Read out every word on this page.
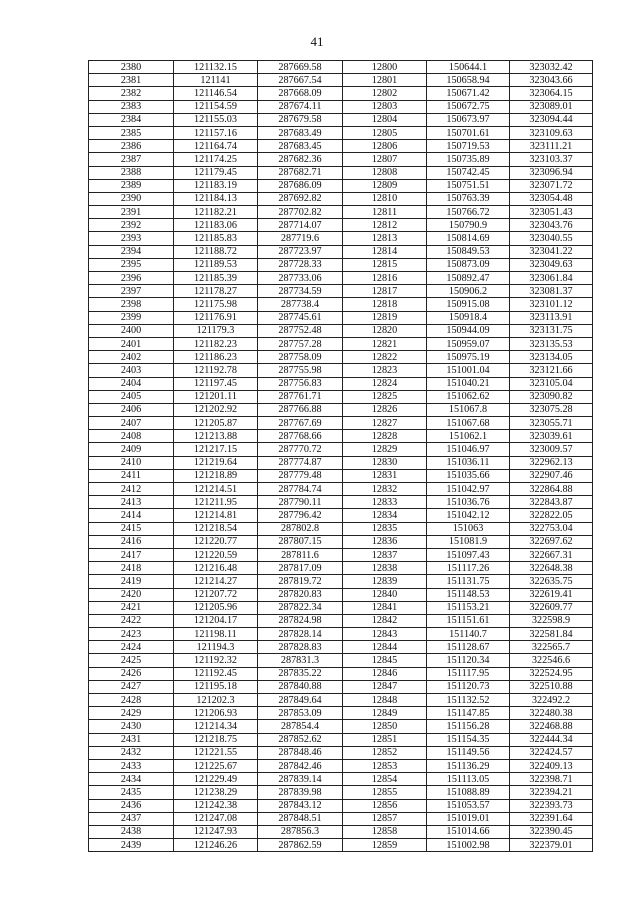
41
2380	121132.15	287669.58	12800	150644.1	323032.42
2381	121141	287667.54	12801	150658.94	323043.66
2382	121146.54	287668.09	12802	150671.42	323064.15
2383	121154.59	287674.11	12803	150672.75	323089.01
2384	121155.03	287679.58	12804	150673.97	323094.44
2385	121157.16	287683.49	12805	150701.61	323109.63
2386	121164.74	287683.45	12806	150719.53	323111.21
2387	121174.25	287682.36	12807	150735.89	323103.37
2388	121179.45	287682.71	12808	150742.45	323096.94
2389	121183.19	287686.09	12809	150751.51	323071.72
2390	121184.13	287692.82	12810	150763.39	323054.48
2391	121182.21	287702.82	12811	150766.72	323051.43
2392	121183.06	287714.07	12812	150790.9	323043.76
2393	121185.83	287719.6	12813	150814.69	323040.55
2394	121188.72	287723.97	12814	150849.53	323041.22
2395	121189.53	287728.33	12815	150873.09	323049.63
2396	121185.39	287733.06	12816	150892.47	323061.84
2397	121178.27	287734.59	12817	150906.2	323081.37
2398	121175.98	287738.4	12818	150915.08	323101.12
2399	121176.91	287745.61	12819	150918.4	323113.91
2400	121179.3	287752.48	12820	150944.09	323131.75
2401	121182.23	287757.28	12821	150959.07	323135.53
2402	121186.23	287758.09	12822	150975.19	323134.05
2403	121192.78	287755.98	12823	151001.04	323121.66
2404	121197.45	287756.83	12824	151040.21	323105.04
2405	121201.11	287761.71	12825	151062.62	323090.82
2406	121202.92	287766.88	12826	151067.8	323075.28
2407	121205.87	287767.69	12827	151067.68	323055.71
2408	121213.88	287768.66	12828	151062.1	323039.61
2409	121217.15	287770.72	12829	151046.97	323009.57
2410	121219.64	287774.87	12830	151036.11	322962.13
2411	121218.89	287779.48	12831	151035.66	322907.46
2412	121214.51	287784.74	12832	151042.97	322864.88
2413	121211.95	287790.11	12833	151036.76	322843.87
2414	121214.81	287796.42	12834	151042.12	322822.05
2415	121218.54	287802.8	12835	151063	322753.04
2416	121220.77	287807.15	12836	151081.9	322697.62
2417	121220.59	287811.6	12837	151097.43	322667.31
2418	121216.48	287817.09	12838	151117.26	322648.38
2419	121214.27	287819.72	12839	151131.75	322635.75
2420	121207.72	287820.83	12840	151148.53	322619.41
2421	121205.96	287822.34	12841	151153.21	322609.77
2422	121204.17	287824.98	12842	151151.61	322598.9
2423	121198.11	287828.14	12843	151140.7	322581.84
2424	121194.3	287828.83	12844	151128.67	322565.7
2425	121192.32	287831.3	12845	151120.34	322546.6
2426	121192.45	287835.22	12846	151117.95	322524.95
2427	121195.18	287840.88	12847	151120.73	322510.88
2428	121202.3	287849.64	12848	151132.52	322492.2
2429	121206.93	287853.09	12849	151147.85	322480.38
2430	121214.34	287854.4	12850	151156.28	322468.88
2431	121218.75	287852.62	12851	151154.35	322444.34
2432	121221.55	287848.46	12852	151149.56	322424.57
2433	121225.67	287842.46	12853	151136.29	322409.13
2434	121229.49	287839.14	12854	151113.05	322398.71
2435	121238.29	287839.98	12855	151088.89	322394.21
2436	121242.38	287843.12	12856	151053.57	322393.73
2437	121247.08	287848.51	12857	151019.01	322391.64
2438	121247.93	287856.3	12858	151014.66	322390.45
2439	121246.26	287862.59	12859	151002.98	322379.01
